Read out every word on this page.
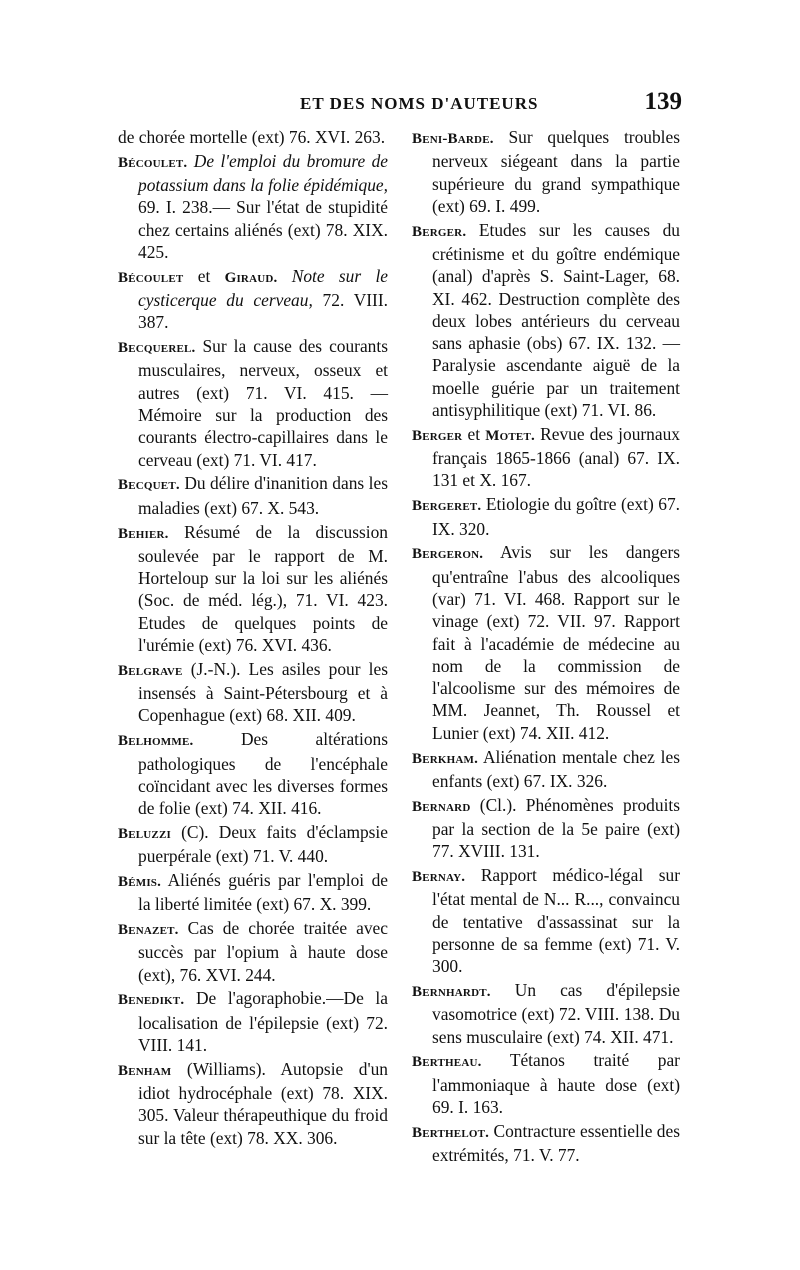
ET DES NOMS D'AUTEURS	139

de chorée mortelle (ext) 76. XVI. 263.

Bécoulet. De l'emploi du bromure de potassium dans la folie épidémique, 69. I. 238.— Sur l'état de stupidité chez certains aliénés (ext) 78. XIX. 425.

Bécoulet et Giraud. Note sur le cysticerque du cerveau, 72. VIII. 387.

Becquerel. Sur la cause des courants musculaires, nerveux, osseux et autres (ext) 71. VI. 415. — Mémoire sur la production des courants électro-capillaires dans le cerveau (ext) 71. VI. 417.

Becquet. Du délire d'inanition dans les maladies (ext) 67. X. 543.

Behier. Résumé de la discussion soulevée par le rapport de M. Horteloup sur la loi sur les aliénés (Soc. de méd. lég.), 71. VI. 423. Etudes de quelques points de l'urémie (ext) 76. XVI. 436.

Belgrave (J.-N.). Les asiles pour les insensés à Saint-Pétersbourg et à Copenhague (ext) 68. XII. 409.

Belhomme.	Des altérations pathologiques de l'encéphale coïncidant avec les diverses formes de folie (ext) 74. XII. 416.

Beluzzi (C). Deux faits d'éclampsie puerpérale (ext) 71. V. 440.

Bémis. Aliénés guéris par l'emploi de la liberté limitée (ext) 67. X. 399.

Benazet. Cas de chorée traitée avec succès par l'opium à haute dose (ext), 76. XVI. 244.

Benedikt. De l'agoraphobie.—De la localisation de l'épilepsie (ext) 72. VIII. 141.

Benham (Williams). Autopsie d'un idiot hydrocéphale (ext) 78. XIX. 305. Valeur thérapeuthique du froid sur la tête (ext) 78. XX. 306.

Beni-Barde. Sur quelques troubles nerveux siégeant dans la partie supérieure du grand sympathique (ext) 69. I. 499.

Berger. Etudes sur les causes du crétinisme et du goître endémique (anal) d'après S. Saint-Lager, 68. XI. 462. Destruction complète des deux lobes antérieurs du cerveau sans aphasie (obs) 67. IX. 132. — Paralysie ascendante aiguë de la moelle guérie par un traitement antisyphilitique (ext) 71. VI. 86.

Berger et Motet. Revue des journaux français 1865-1866 (anal) 67. IX. 131 et X. 167.

Bergeret. Etiologie du goître (ext) 67. IX. 320.

Bergeron. Avis sur les dangers qu'entraîne l'abus des alcooliques (var) 71. VI. 468. Rapport sur le vinage (ext) 72. VII. 97. Rapport fait à l'académie de médecine au nom de la commission de l'alcoolisme sur des mémoires de MM. Jeannet, Th. Roussel et Lunier (ext) 74. XII. 412.

Berkham. Aliénation mentale chez les enfants (ext) 67. IX. 326.

Bernard (Cl.). Phénomènes produits par la section de la 5e paire (ext) 77. XVIII. 131.

Bernay. Rapport médico-légal sur l'état mental de N... R..., convaincu de tentative d'assassinat sur la personne de sa femme (ext) 71. V. 300.

Bernhardt. Un cas d'épilepsie vasomotrice (ext) 72. VIII. 138. Du sens musculaire (ext) 74. XII. 471.

Bertheau. Tétanos traité par l'ammoniaque à haute dose (ext) 69. I. 163.

Berthelot. Contracture essentielle des extrémités, 71. V. 77.
